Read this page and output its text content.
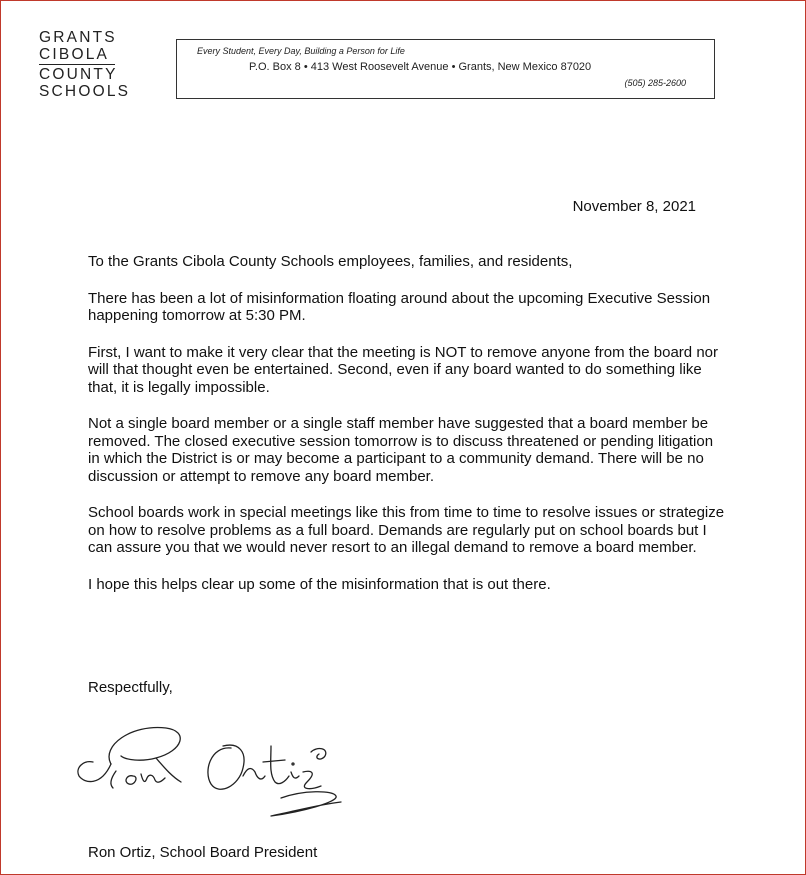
GRANTS
CIBOLA
COUNTY
SCHOOLS
Every Student, Every Day, Building a Person for Life
P.O. Box 8 • 413 West Roosevelt Avenue • Grants, New Mexico 87020
(505) 285-2600
November 8, 2021

To the Grants Cibola County Schools employees, families, and residents,

There has been a lot of misinformation floating around about the upcoming Executive Session happening tomorrow at 5:30 PM.

First, I want to make it very clear that the meeting is NOT to remove anyone from the board nor will that thought even be entertained. Second, even if any board wanted to do something like that, it is legally impossible.

Not a single board member or a single staff member have suggested that a board member be removed. The closed executive session tomorrow is to discuss threatened or pending litigation in which the District is or may become a participant to a community demand. There will be no discussion or attempt to remove any board member.

School boards work in special meetings like this from time to time to resolve issues or strategize on how to resolve problems as a full board. Demands are regularly put on school boards but I can assure you that we would never resort to an illegal demand to remove a board member.

I hope this helps clear up some of the misinformation that is out there.

Respectfully,
Ron Ortiz, School Board President
